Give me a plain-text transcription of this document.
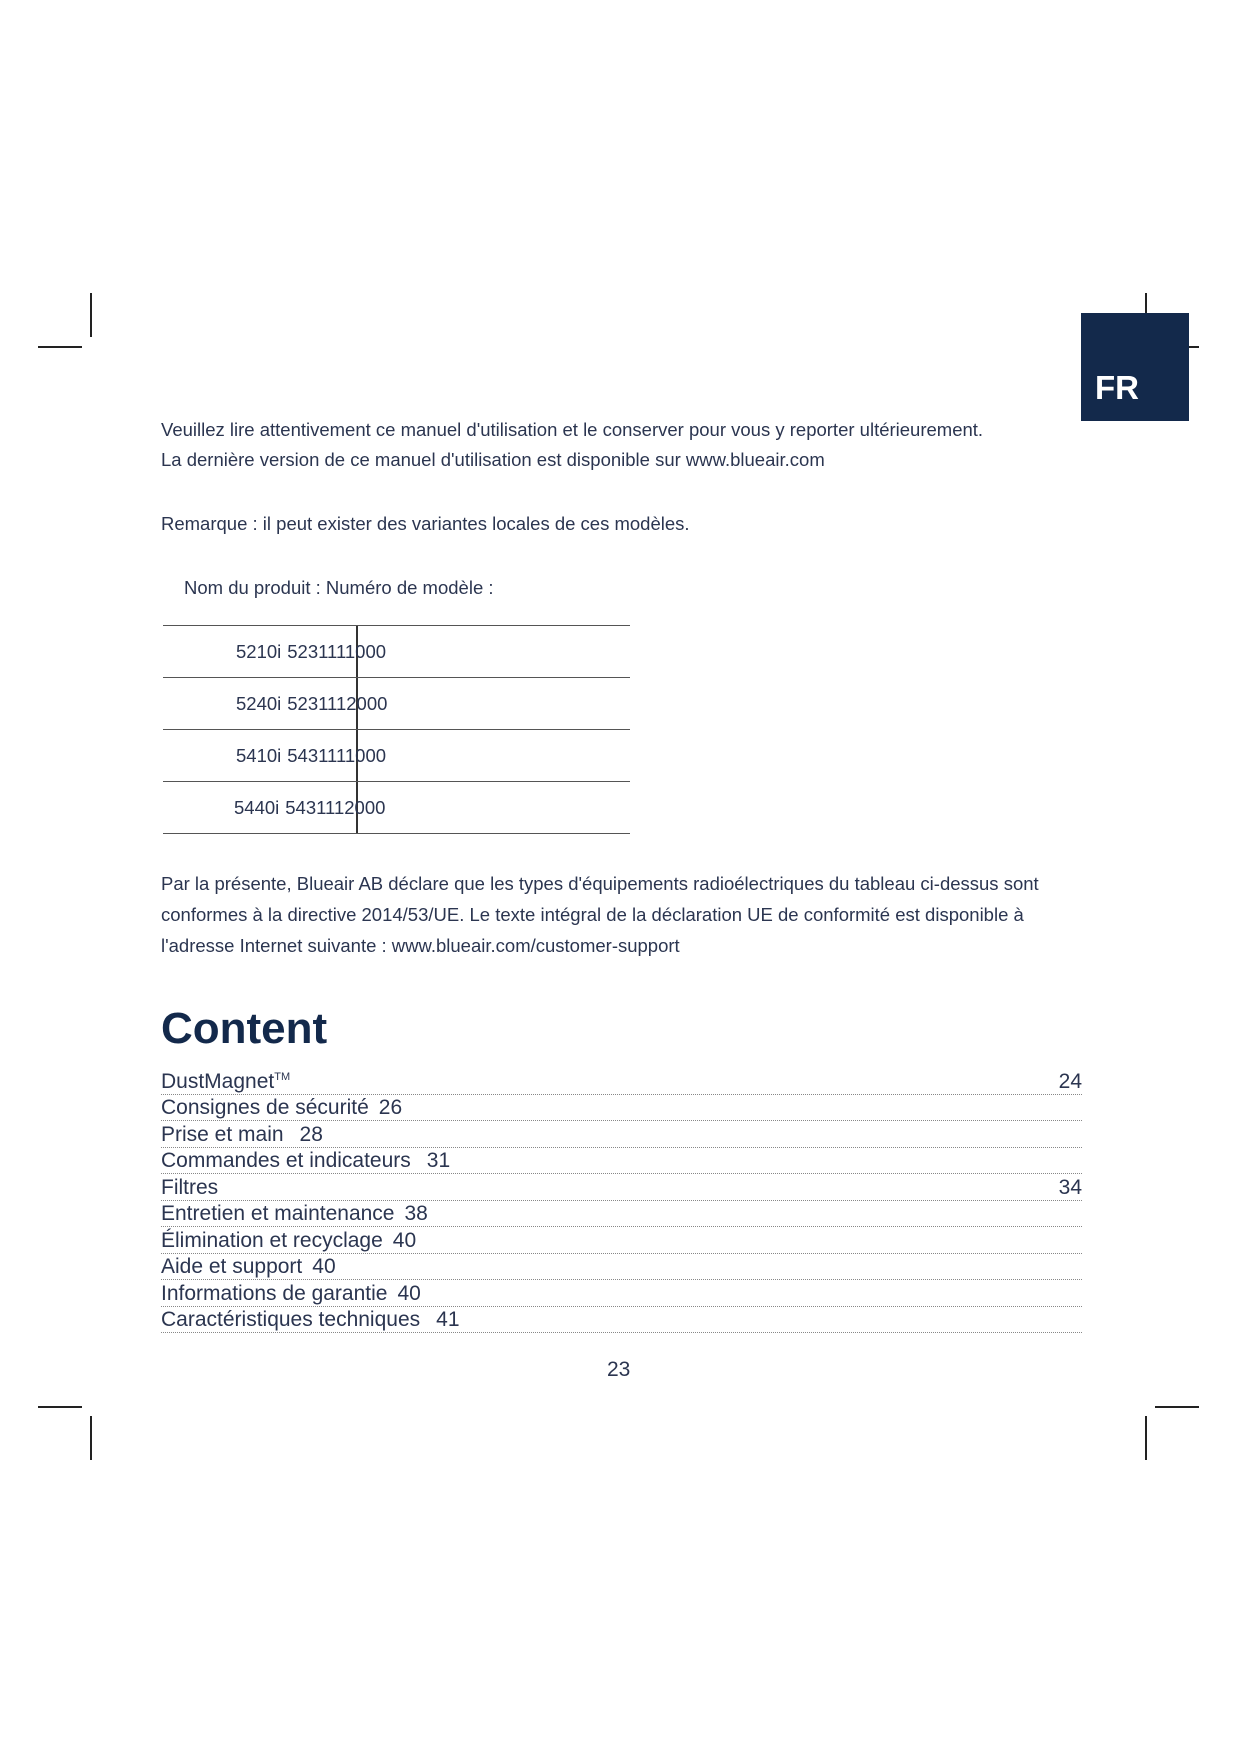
FR

Veuillez lire attentivement ce manuel d'utilisation et le conserver pour vous y reporter ultérieurement.
La dernière version de ce manuel d'utilisation est disponible sur www.blueair.com

Remarque : il peut exister des variantes locales de ces modèles.

Nom du produit : Numéro de modèle :
5210i 5231111000
5240i 5231112000
5410i 5431111000
5440i 5431112000

Par la présente, Blueair AB déclare que les types d'équipements radioélectriques du tableau ci-dessus sont conformes à la directive 2014/53/UE. Le texte intégral de la déclaration UE de conformité est disponible à l'adresse Internet suivante : www.blueair.com/customer-support

Content
DustMagnet™	24
Consignes de sécurité 26
Prise et main 28
Commandes et indicateurs 31
Filtres	34
Entretien et maintenance 38
Élimination et recyclage 40
Aide et support 40
Informations de garantie 40
Caractéristiques techniques 41
23
